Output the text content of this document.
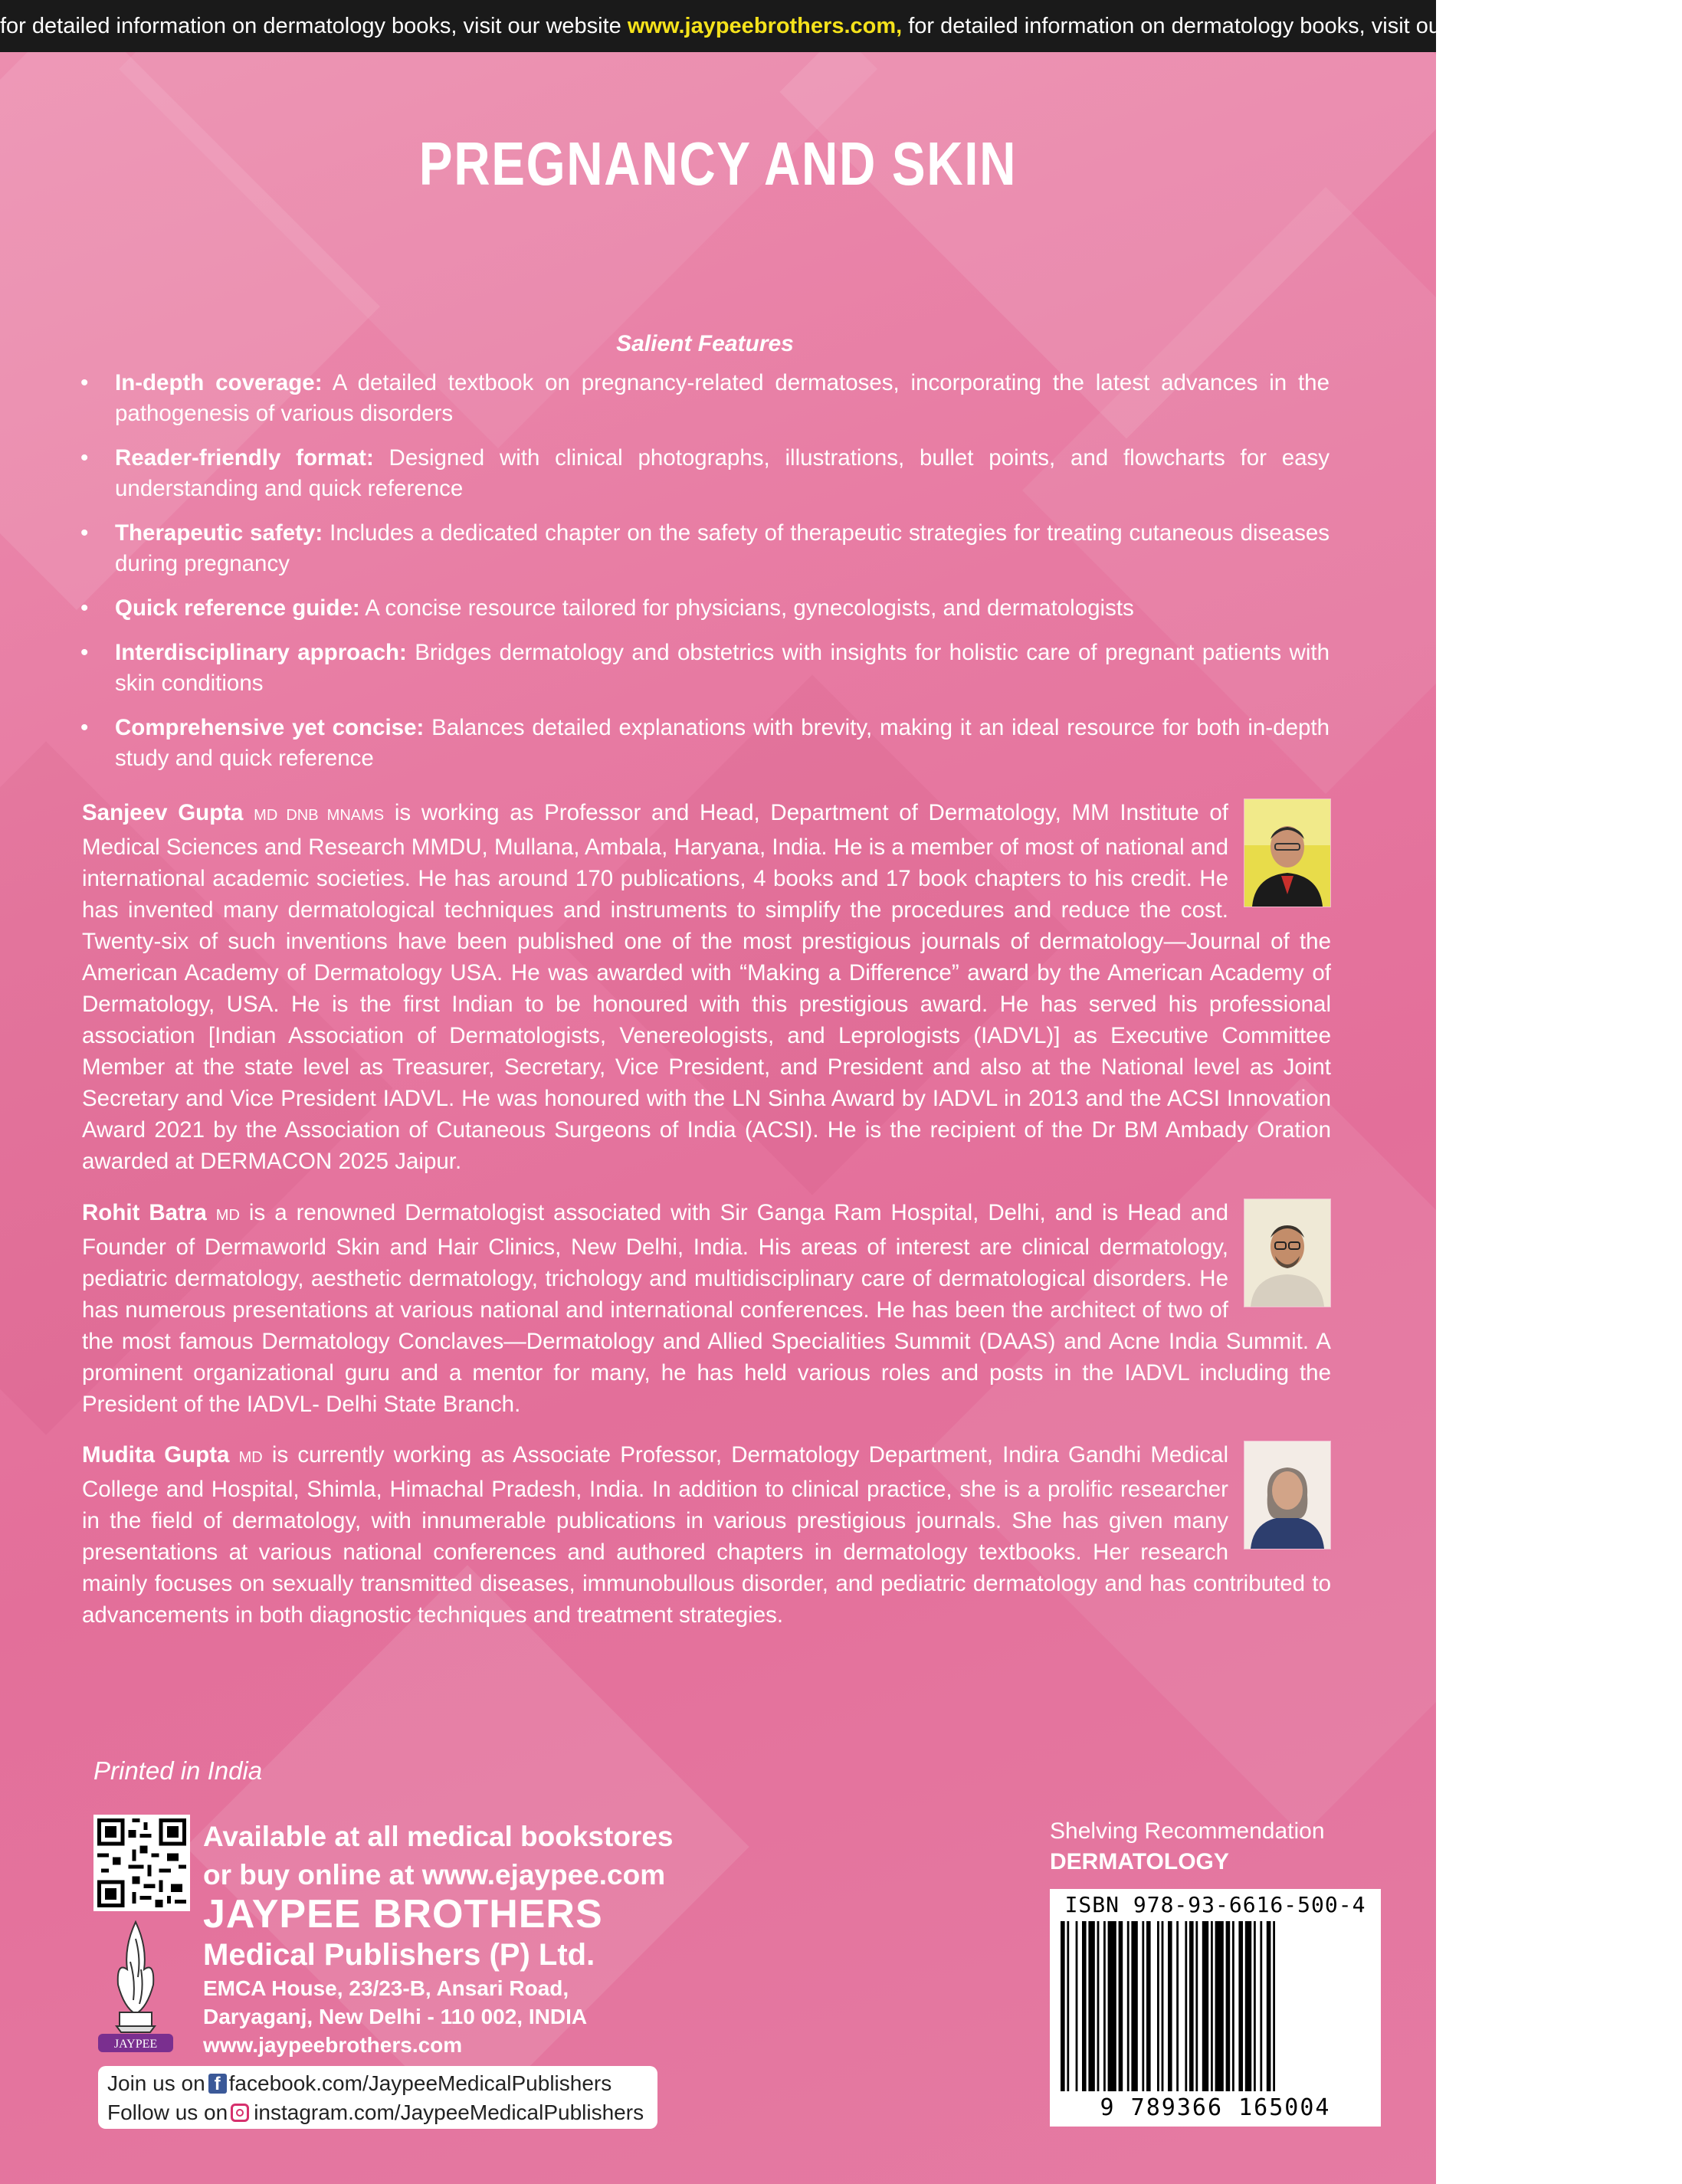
for detailed information on dermatology books, visit our website www.jaypeebrothers.com, for detailed information on dermatology books, visit our website
PREGNANCY AND SKIN
Salient Features
• In-depth coverage: A detailed textbook on pregnancy-related dermatoses, incorporating the latest advances in the pathogenesis of various disorders
• Reader-friendly format: Designed with clinical photographs, illustrations, bullet points, and flowcharts for easy understanding and quick reference
• Therapeutic safety: Includes a dedicated chapter on the safety of therapeutic strategies for treating cutaneous diseases during pregnancy
• Quick reference guide: A concise resource tailored for physicians, gynecologists, and dermatologists
• Interdisciplinary approach: Bridges dermatology and obstetrics with insights for holistic care of pregnant patients with skin conditions
• Comprehensive yet concise: Balances detailed explanations with brevity, making it an ideal resource for both in-depth study and quick reference
Sanjeev Gupta MD DNB MNAMS is working as Professor and Head, Department of Dermatology, MM Institute of Medical Sciences and Research MMDU, Mullana, Ambala, Haryana, India. He is a member of most of national and international academic societies. He has around 170 publications, 4 books and 17 book chapters to his credit. He has invented many dermatological techniques and instruments to simplify the procedures and reduce the cost. Twenty-six of such inventions have been published one of the most prestigious journals of dermatology—Journal of the American Academy of Dermatology USA. He was awarded with “Making a Difference” award by the American Academy of Dermatology, USA. He is the first Indian to be honoured with this prestigious award. He has served his professional association [Indian Association of Dermatologists, Venereologists, and Leprologists (IADVL)] as Executive Committee Member at the state level as Treasurer, Secretary, Vice President, and President and also at the National level as Joint Secretary and Vice President IADVL. He was honoured with the LN Sinha Award by IADVL in 2013 and the ACSI Innovation Award 2021 by the Association of Cutaneous Surgeons of India (ACSI). He is the recipient of the Dr BM Ambady Oration awarded at DERMACON 2025 Jaipur.
Rohit Batra MD is a renowned Dermatologist associated with Sir Ganga Ram Hospital, Delhi, and is Head and Founder of Dermaworld Skin and Hair Clinics, New Delhi, India. His areas of interest are clinical dermatology, pediatric dermatology, aesthetic dermatology, trichology and multidisciplinary care of dermatological disorders. He has numerous presentations at various national and international conferences. He has been the architect of two of the most famous Dermatology Conclaves—Dermatology and Allied Specialities Summit (DAAS) and Acne India Summit. A prominent organizational guru and a mentor for many, he has held various roles and posts in the IADVL including the President of the IADVL- Delhi State Branch.
Mudita Gupta MD is currently working as Associate Professor, Dermatology Department, Indira Gandhi Medical College and Hospital, Shimla, Himachal Pradesh, India. In addition to clinical practice, she is a prolific researcher in the field of dermatology, with innumerable publications in various prestigious journals. She has given many presentations at various national conferences and authored chapters in dermatology textbooks. Her research mainly focuses on sexually transmitted diseases, immunobullous disorder, and pediatric dermatology and has contributed to advancements in both diagnostic techniques and treatment strategies.
Printed in India
Available at all medical bookstores
or buy online at www.ejaypee.com
JAYPEE BROTHERS
Medical Publishers (P) Ltd.
EMCA House, 23/23-B, Ansari Road,
Daryaganj, New Delhi - 110 002, INDIA
www.jaypeebrothers.com
JAYPEE
Join us on f facebook.com/JaypeeMedicalPublishers
Follow us on instagram.com/JaypeeMedicalPublishers
Shelving Recommendation
DERMATOLOGY
ISBN 978-93-6616-500-4
9 789366 165004
